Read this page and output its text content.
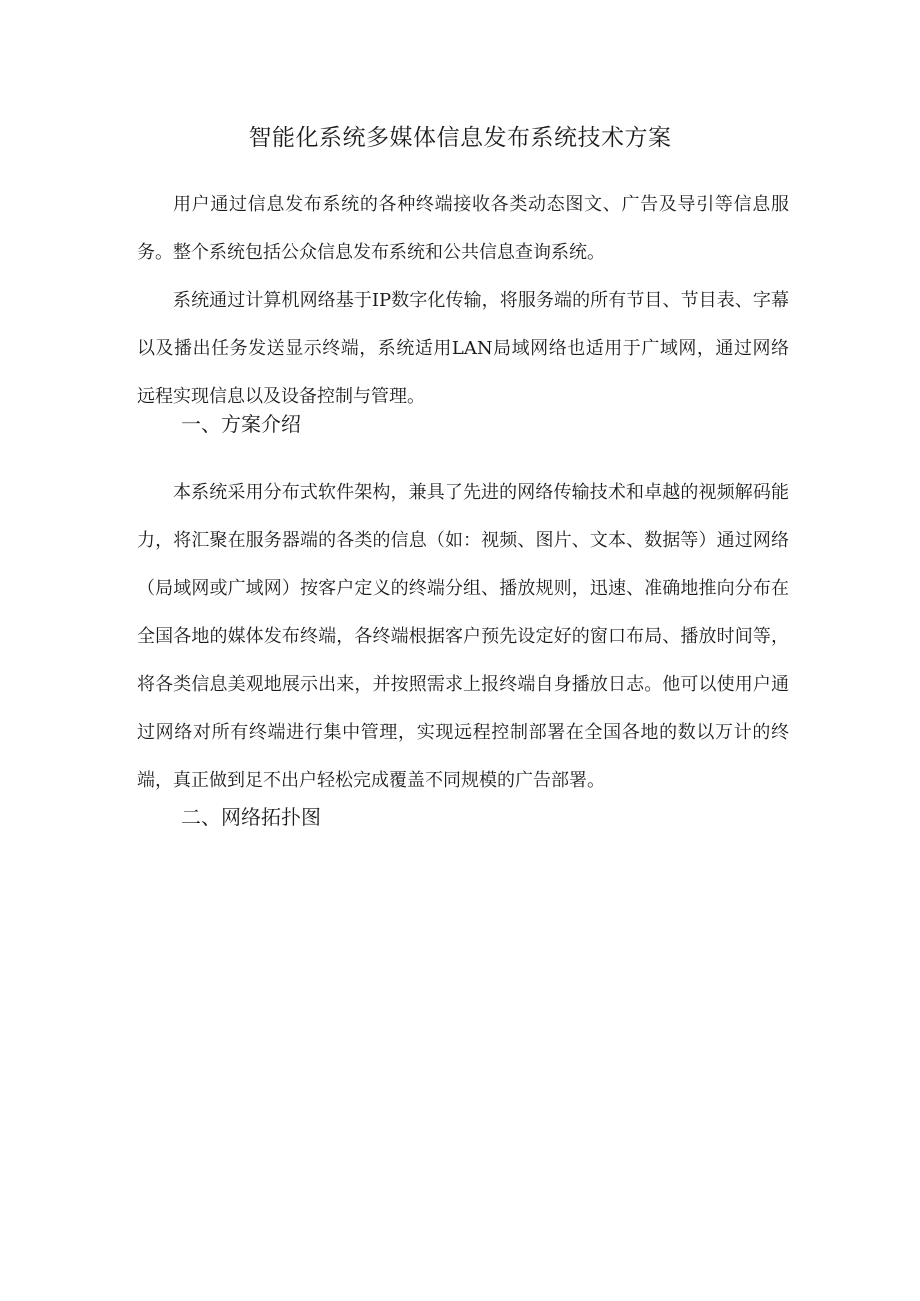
智能化系统多媒体信息发布系统技术方案

用户通过信息发布系统的各种终端接收各类动态图文、广告及导引等信息服务。整个系统包括公众信息发布系统和公共信息查询系统。

系统通过计算机网络基于IP数字化传输，将服务端的所有节目、节目表、字幕以及播出任务发送显示终端，系统适用LAN局域网络也适用于广域网，通过网络远程实现信息以及设备控制与管理。

一、方案介绍

本系统采用分布式软件架构，兼具了先进的网络传输技术和卓越的视频解码能力，将汇聚在服务器端的各类的信息（如：视频、图片、文本、数据等）通过网络（局域网或广域网）按客户定义的终端分组、播放规则，迅速、准确地推向分布在全国各地的媒体发布终端，各终端根据客户预先设定好的窗口布局、播放时间等，将各类信息美观地展示出来，并按照需求上报终端自身播放日志。他可以使用户通过网络对所有终端进行集中管理，实现远程控制部署在全国各地的数以万计的终端，真正做到足不出户轻松完成覆盖不同规模的广告部署。

二、网络拓扑图
